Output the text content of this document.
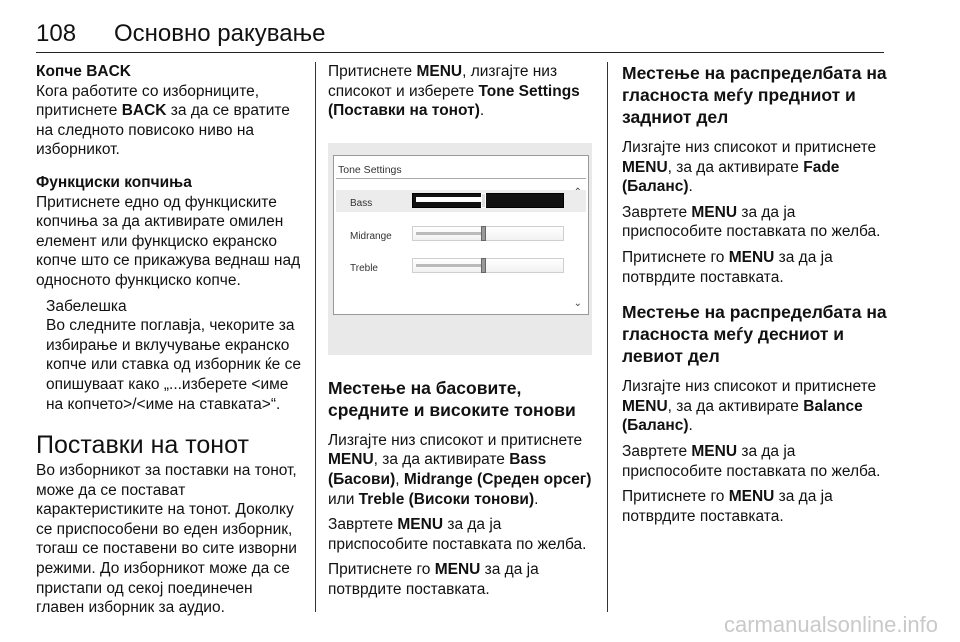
108 Основно ракување

Копче BACK

Кога работите со изборниците, притиснете BACK за да се вратите на следното повисоко ниво на изборникот.

Функциски копчиња

Притиснете едно од функциските копчиња за да активирате омилен елемент или функциско екранско копче што се прикажува веднаш над односното функциско копче.

Забелешка

Во следните поглавја, чекорите за избирање и вклучување екранско копче или ставка од изборник ќе се опишуваат како „...изберете <име на копчето>/<име на ставката>“.

Поставки на тонот

Во изборникот за поставки на тонот, може да се поставaт карактеристиките на тонот. Доколку се приспособени во еден изборник, тогаш се поставени во сите изворни режими. До изборникот може да се пристапи од секој поединечен главен изборник за аудио.

Притиснете MENU, лизгајте низ списокот и изберете Tone Settings (Поставки на тонот).

Tone Settings
⌄
Bass
Midrange
Treble

Местење на басовите, средните и високите тонови

Лизгајте низ списокот и притиснете MENU, за да активирате Bass (Басови), Midrange (Среден орсег) или Treble (Високи тонови).

Завртете MENU за да ја приспособите поставката по желба.

Притиснете го MENU за да ја потврдите поставката.

Местење на распределбата на гласноста меѓу предниот и задниот дел

Лизгајте низ списокот и притиснете MENU, за да активирате Fade (Баланс).

Завртете MENU за да ја приспособите поставката по желба.

Притиснете го MENU за да ја потврдите поставката.

Местење на распределбата на гласноста меѓу десниот и левиот дел

Лизгајте низ списокот и притиснете MENU, за да активирате Balance (Баланс).

Завртете MENU за да ја приспособите поставката по желба.

Притиснете го MENU за да ја потврдите поставката.

carmanualsonline.info
